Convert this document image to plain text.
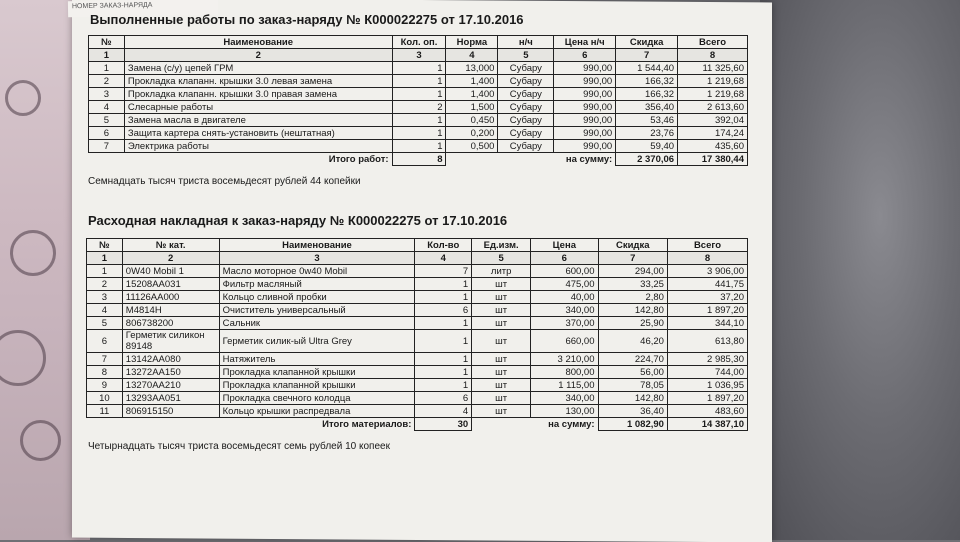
НОМЕР ЗАКАЗ-НАРЯДА
Выполненные работы по заказ-наряду № К000022275 от 17.10.2016
№	Наименование	Кол. оп.	Норма	н/ч	Цена н/ч	Скидка	Всего
1	2	3	4	5	6	7	8
1	Замена (с/у) цепей ГРМ	1	13,000	Субару	990,00	1 544,40	11 325,60
2	Прокладка клапанн. крышки 3.0 левая замена	1	1,400	Субару	990,00	166,32	1 219,68
3	Прокладка клапанн. крышки 3.0 правая замена	1	1,400	Субару	990,00	166,32	1 219,68
4	Слесарные работы	2	1,500	Субару	990,00	356,40	2 613,60
5	Замена масла в двигателе	1	0,450	Субару	990,00	53,46	392,04
6	Защита картера снять-установить (нештатная)	1	0,200	Субару	990,00	23,76	174,24
7	Электрика работы	1	0,500	Субару	990,00	59,40	435,60
	Итого работ:	8		на сумму:		2 370,06	17 380,44
Семнадцать тысяч триста восемьдесят рублей 44 копейки
Расходная накладная к заказ-наряду № К000022275 от 17.10.2016
№	№ кат.	Наименование	Кол-во	Ед.изм.	Цена	Скидка	Всего
1	2	3	4	5	6	7	8
1	0W40 Mobil 1	Масло моторное 0w40 Mobil	7	литр	600,00	294,00	3 906,00
2	15208AA031	Фильтр масляный	1	шт	475,00	33,25	441,75
3	11126AA000	Кольцо сливной пробки	1	шт	40,00	2,80	37,20
4	M4814H	Очиститель универсальный	6	шт	340,00	142,80	1 897,20
5	806738200	Сальник	1	шт	370,00	25,90	344,10
6	Герметик силикон 89148	Герметик силик-ый Ultra Grey	1	шт	660,00	46,20	613,80
7	13142AA080	Натяжитель	1	шт	3 210,00	224,70	2 985,30
8	13272AA150	Прокладка клапанной крышки	1	шт	800,00	56,00	744,00
9	13270AA210	Прокладка клапанной крышки	1	шт	1 115,00	78,05	1 036,95
10	13293AA051	Прокладка свечного колодца	6	шт	340,00	142,80	1 897,20
11	806915150	Кольцо крышки распредвала	4	шт	130,00	36,40	483,60
	Итого материалов:		30	на сумму:		1 082,90	14 387,10
Четырнадцать тысяч триста восемьдесят семь рублей 10 копеек
